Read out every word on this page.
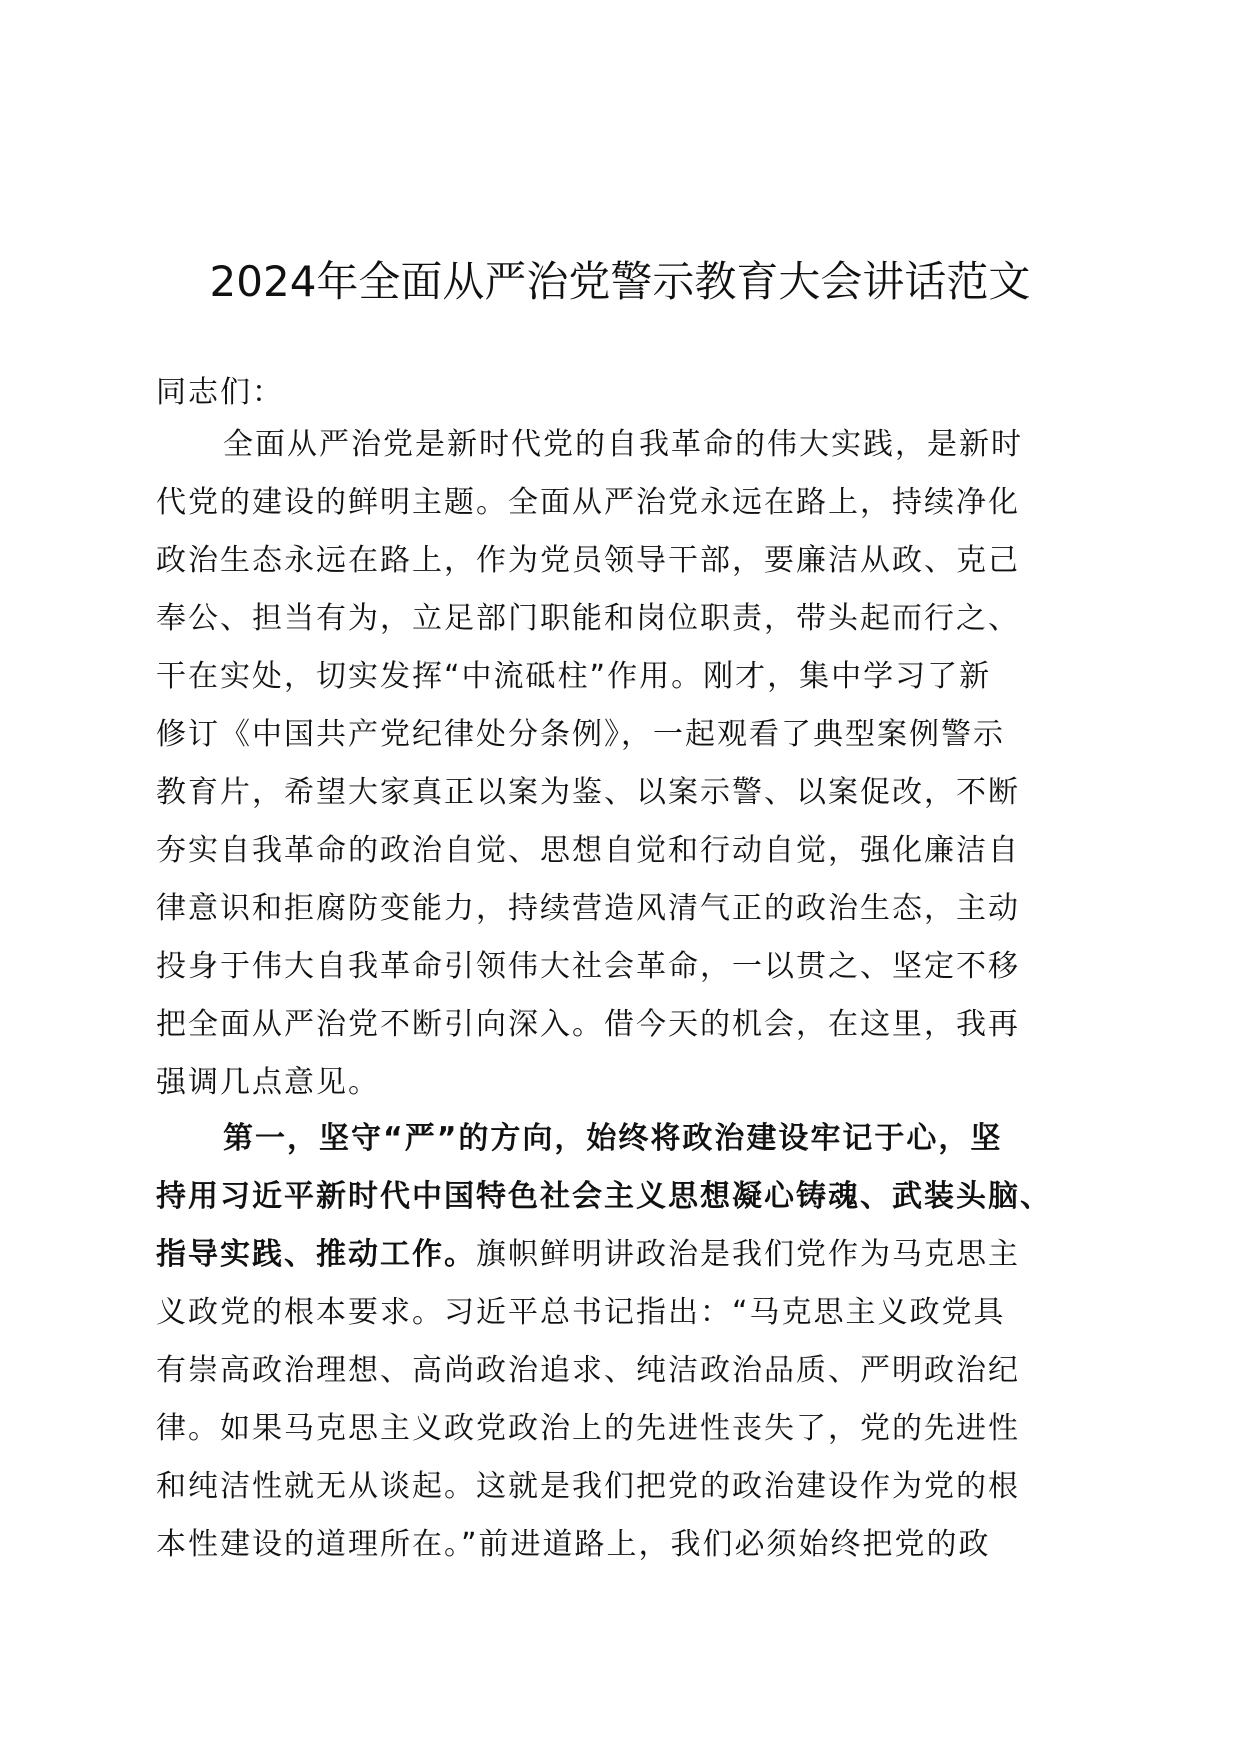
2024年全面从严治党警示教育大会讲话范文
同志们：
全面从严治党是新时代党的自我革命的伟大实践，是新时
代党的建设的鲜明主题。全面从严治党永远在路上，持续净化
政治生态永远在路上，作为党员领导干部，要廉洁从政、克己
奉公、担当有为，立足部门职能和岗位职责，带头起而行之、
干在实处，切实发挥“中流砥柱”作用。刚才，集中学习了新
修订《中国共产党纪律处分条例》，一起观看了典型案例警示
教育片，希望大家真正以案为鉴、以案示警、以案促改，不断
夯实自我革命的政治自觉、思想自觉和行动自觉，强化廉洁自
律意识和拒腐防变能力，持续营造风清气正的政治生态，主动
投身于伟大自我革命引领伟大社会革命，一以贯之、坚定不移
把全面从严治党不断引向深入。借今天的机会，在这里，我再
强调几点意见。
第一，坚守“严”的方向，始终将政治建设牢记于心，坚
持用习近平新时代中国特色社会主义思想凝心铸魂、武装头脑、
指导实践、推动工作。旗帜鲜明讲政治是我们党作为马克思主
义政党的根本要求。习近平总书记指出：“马克思主义政党具
有崇高政治理想、高尚政治追求、纯洁政治品质、严明政治纪
律。如果马克思主义政党政治上的先进性丧失了，党的先进性
和纯洁性就无从谈起。这就是我们把党的政治建设作为党的根
本性建设的道理所在。”前进道路上，我们必须始终把党的政
